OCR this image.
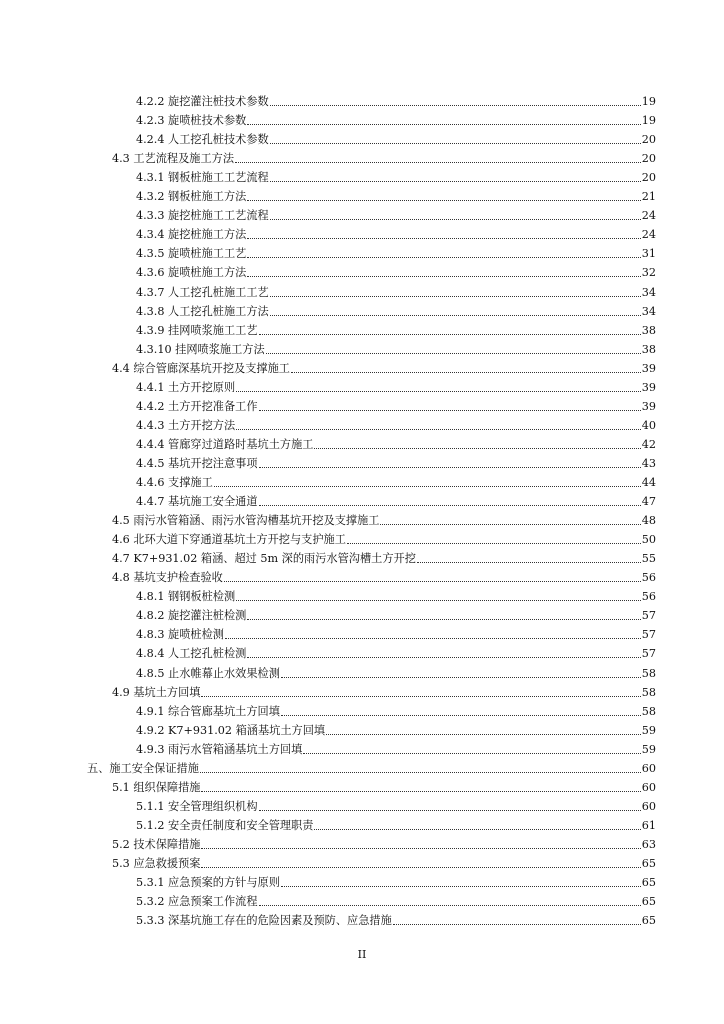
4.2.2 旋挖灌注桩技术参数	19
4.2.3 旋喷桩技术参数	19
4.2.4 人工挖孔桩技术参数	20
4.3 工艺流程及施工方法	20
4.3.1 钢板桩施工工艺流程	20
4.3.2 钢板桩施工方法	21
4.3.3 旋挖桩施工工艺流程	24
4.3.4 旋挖桩施工方法	24
4.3.5 旋喷桩施工工艺	31
4.3.6 旋喷桩施工方法	32
4.3.7 人工挖孔桩施工工艺	34
4.3.8 人工挖孔桩施工方法	34
4.3.9 挂网喷浆施工工艺	38
4.3.10 挂网喷浆施工方法	38
4.4 综合管廊深基坑开挖及支撑施工	39
4.4.1 土方开挖原则	39
4.4.2 土方开挖准备工作	39
4.4.3 土方开挖方法	40
4.4.4 管廊穿过道路时基坑土方施工	42
4.4.5 基坑开挖注意事项	43
4.4.6 支撑施工	44
4.4.7 基坑施工安全通道	47
4.5 雨污水管箱涵、雨污水管沟槽基坑开挖及支撑施工	48
4.6 北环大道下穿通道基坑土方开挖与支护施工	50
4.7 K7+931.02 箱涵、超过 5m 深的雨污水管沟槽土方开挖	55
4.8 基坑支护检查验收	56
4.8.1 钢钢板桩检测	56
4.8.2 旋挖灌注桩检测	57
4.8.3 旋喷桩检测	57
4.8.4 人工挖孔桩检测	57
4.8.5 止水帷幕止水效果检测	58
4.9 基坑土方回填	58
4.9.1 综合管廊基坑土方回填	58
4.9.2 K7+931.02 箱涵基坑土方回填	59
4.9.3 雨污水管箱涵基坑土方回填	59
五、施工安全保证措施	60
5.1 组织保障措施	60
5.1.1 安全管理组织机构	60
5.1.2 安全责任制度和安全管理职责	61
5.2 技术保障措施	63
5.3 应急救援预案	65
5.3.1 应急预案的方针与原则	65
5.3.2 应急预案工作流程	65
5.3.3 深基坑施工存在的危险因素及预防、应急措施	65
II
